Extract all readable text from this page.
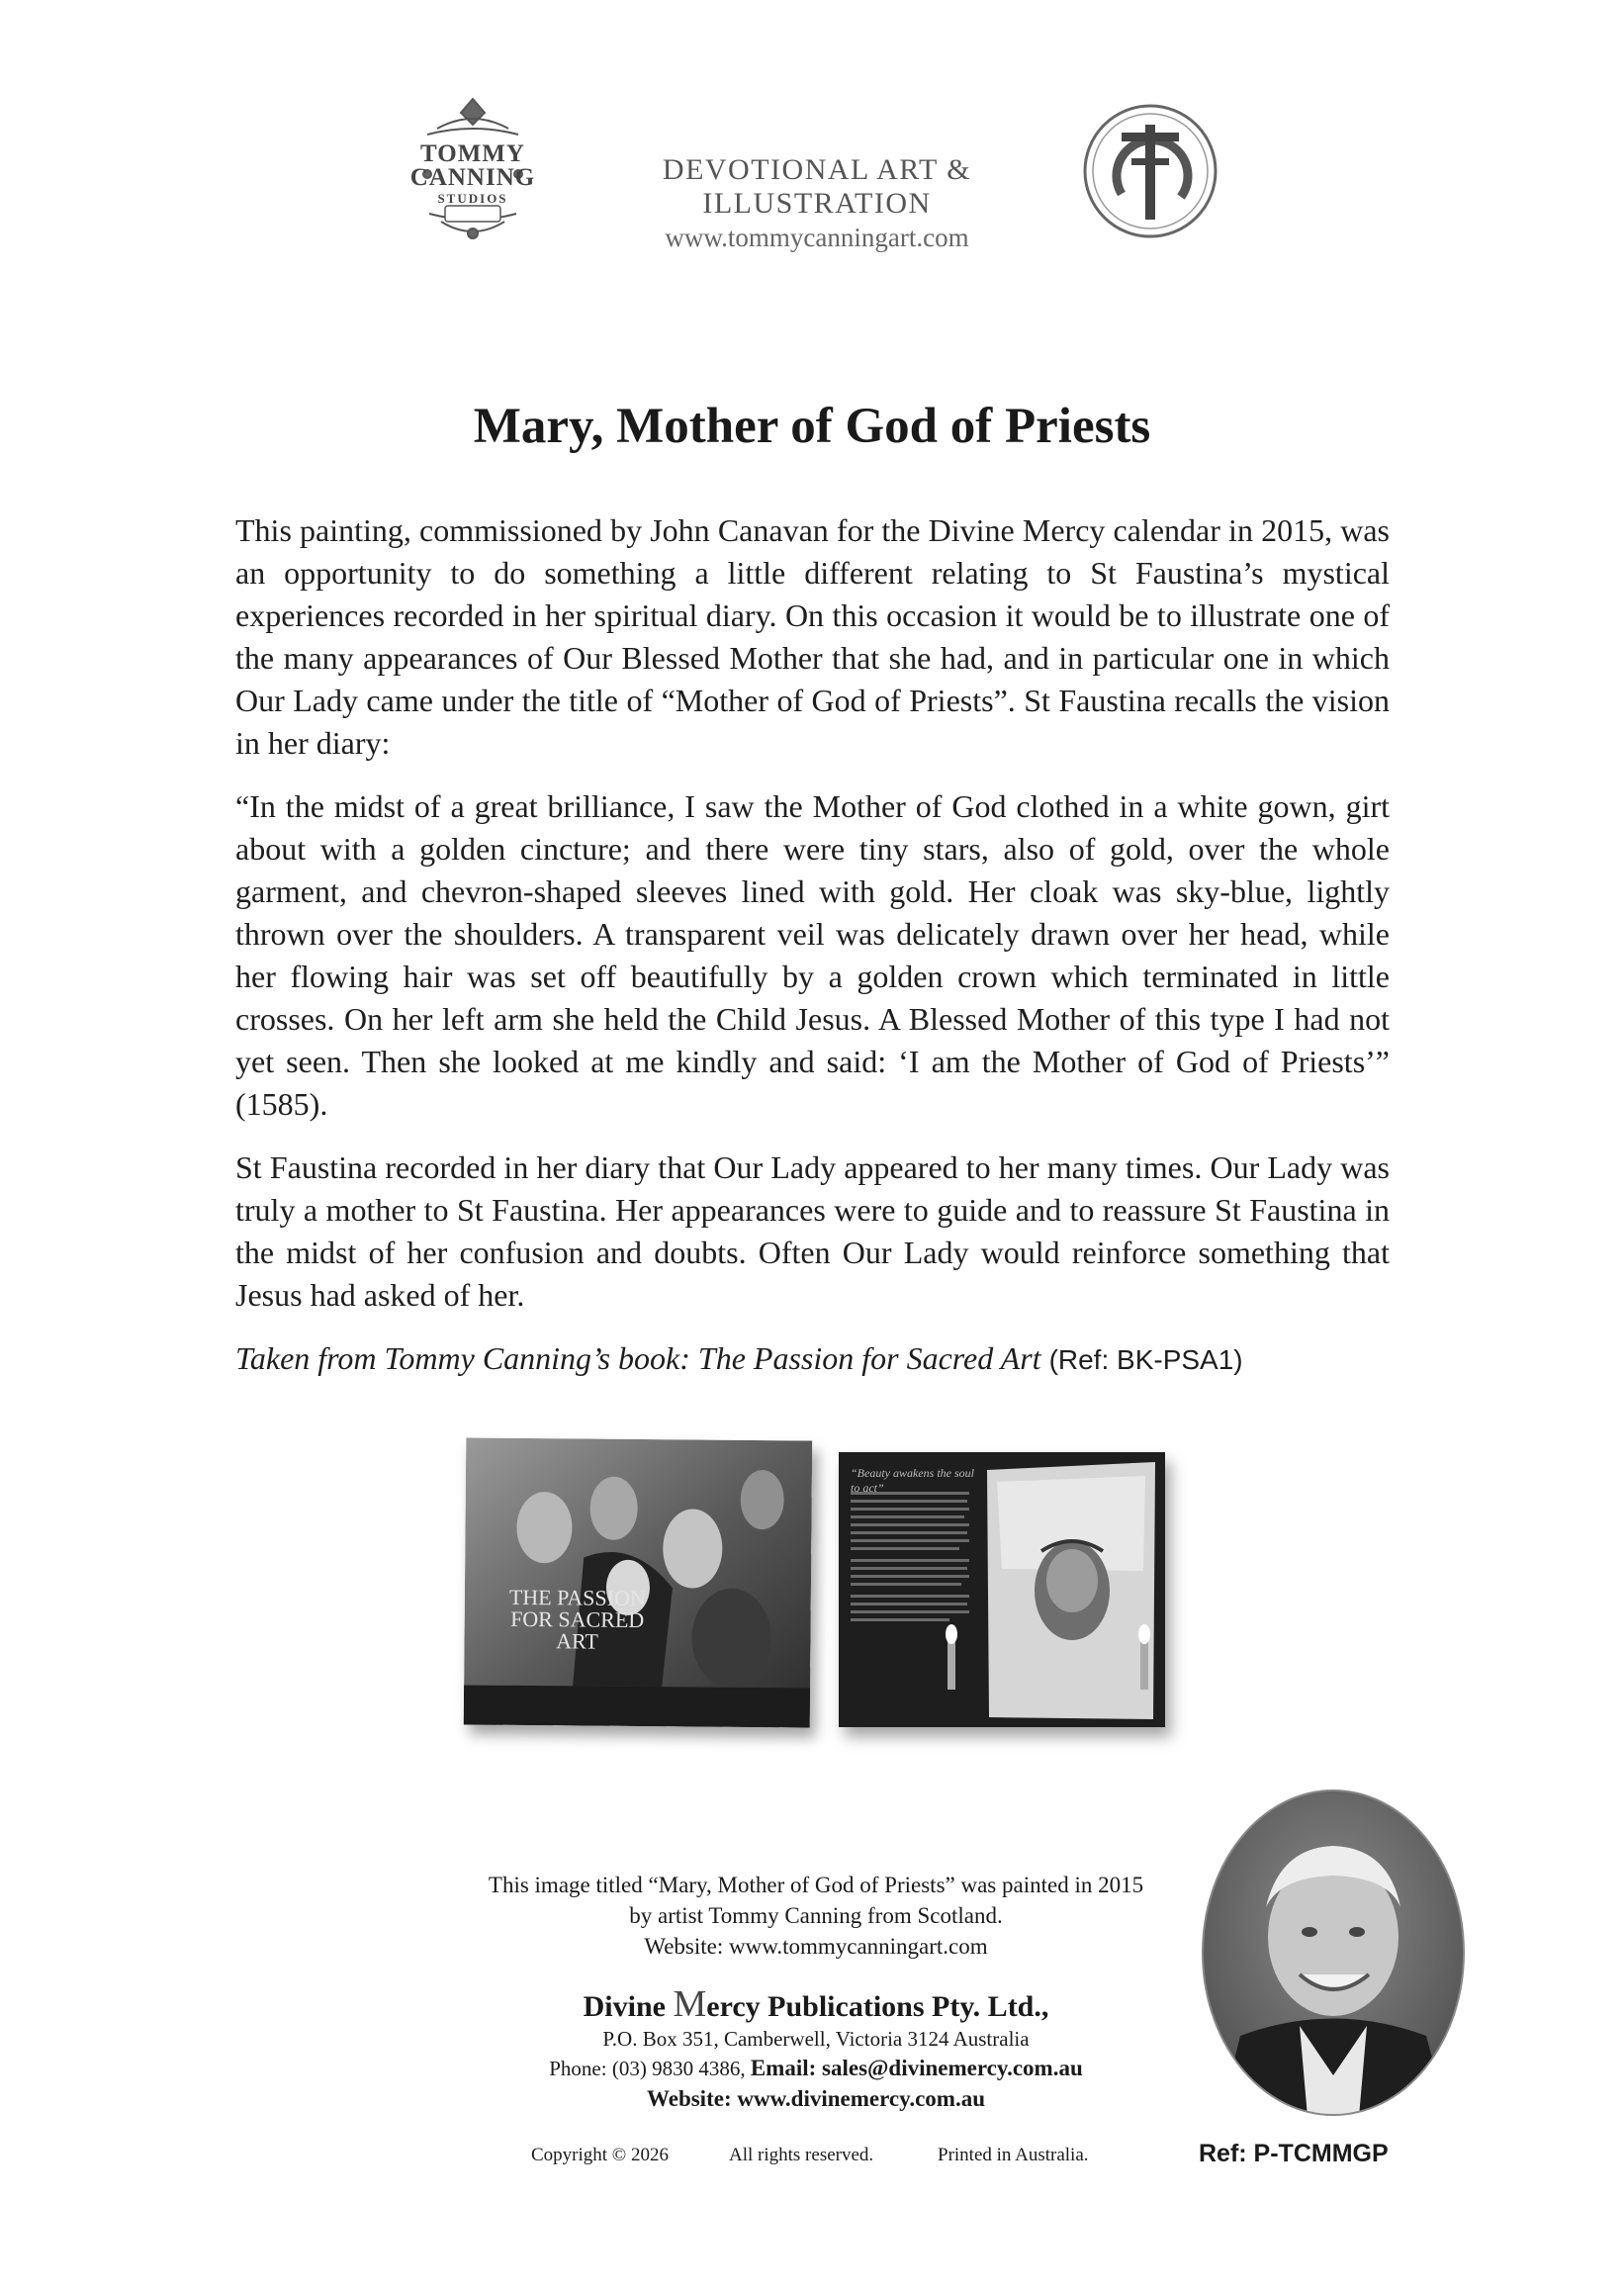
TOMMY
CANNING
STUDIOS
DEVOTIONAL ART & ILLUSTRATION
www.tommycanningart.com
Mary, Mother of God of Priests

This painting, commissioned by John Canavan for the Divine Mercy calendar in 2015, was an opportunity to do something a little different relating to St Faustina’s mystical experiences recorded in her spiritual diary. On this occasion it would be to illustrate one of the many appearances of Our Blessed Mother that she had, and in particular one in which Our Lady came under the title of “Mother of God of Priests”. St Faustina recalls the vision in her diary:

“In the midst of a great brilliance, I saw the Mother of God clothed in a white gown, girt about with a golden cincture; and there were tiny stars, also of gold, over the whole garment, and chevron-shaped sleeves lined with gold. Her cloak was sky-blue, lightly thrown over the shoulders. A transparent veil was delicately drawn over her head, while her flowing hair was set off beautifully by a golden crown which terminated in little crosses. On her left arm she held the Child Jesus. A Blessed Mother of this type I had not yet seen. Then she looked at me kindly and said: ‘I am the Mother of God of Priests’” (1585).

St Faustina recorded in her diary that Our Lady appeared to her many times. Our Lady was truly a mother to St Faustina. Her appearances were to guide and to reassure St Faustina in the midst of her confusion and doubts. Often Our Lady would reinforce something that Jesus had asked of her.

Taken from Tommy Canning’s book: The Passion for Sacred Art (Ref: BK-PSA1)

THE PASSION FOR SACRED ART
“Beauty awakens the soul to act”
This image titled “Mary, Mother of God of Priests” was painted in 2015
by artist Tommy Canning from Scotland.
Website: www.tommycanningart.com
Divine Mercy Publications Pty. Ltd.,
P.O. Box 351, Camberwell, Victoria 3124 Australia
Phone: (03) 9830 4386, Email: sales@divinemercy.com.au
Website: www.divinemercy.com.au
Copyright © 2026	All rights reserved.	Printed in Australia.	Ref: P-TCMMGP
